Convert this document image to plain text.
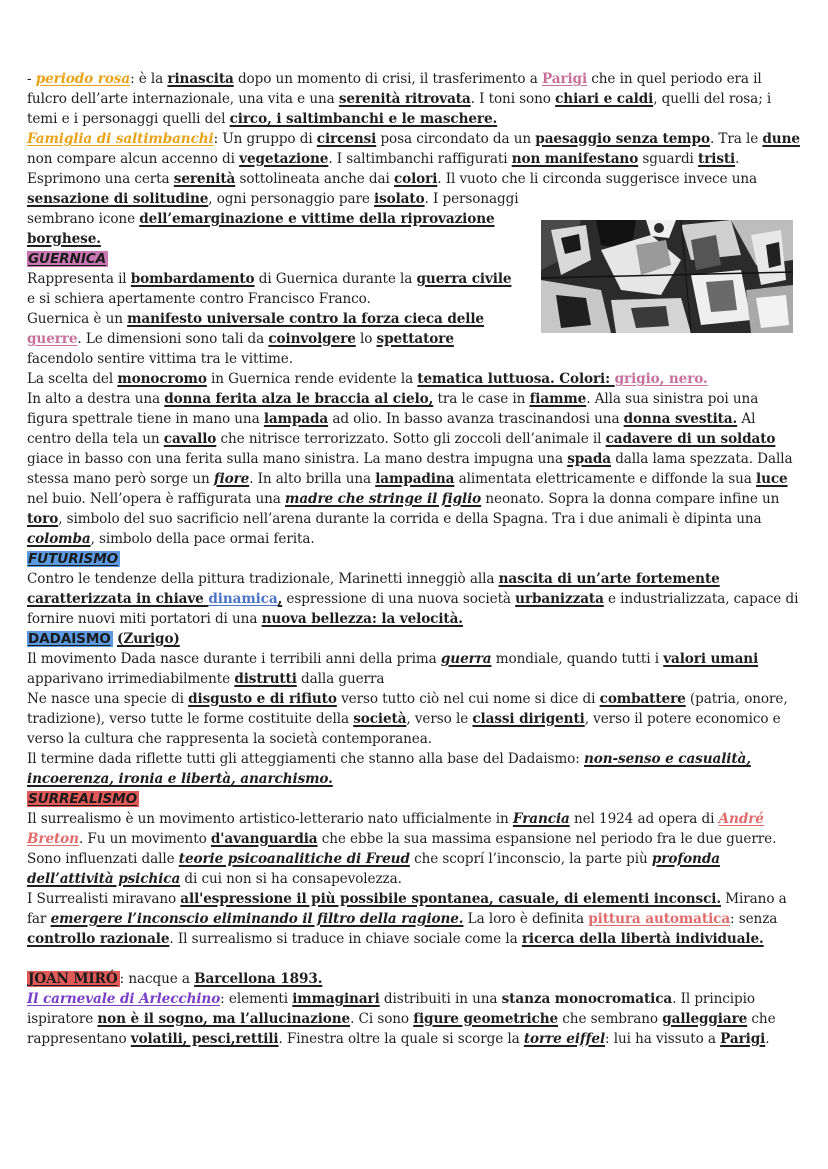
- periodo rosa: è la rinascita dopo un momento di crisi, il trasferimento a Parigi che in quel periodo era il fulcro dell’arte internazionale, una vita e una serenità ritrovata. I toni sono chiari e caldi, quelli del rosa; i temi e i personaggi quelli del circo, i saltimbanchi e le maschere.
Famiglia di saltimbanchi: Un gruppo di circensi posa circondato da un paesaggio senza tempo. Tra le dune non compare alcun accenno di vegetazione. I saltimbanchi raffigurati non manifestano sguardi tristi. Esprimono una certa serenità sottolineata anche dai colori. Il vuoto che li circonda suggerisce invece una sensazione di solitudine, ogni personaggio pare isolato. I personaggi
sembrano icone dell’emarginazione e vittime della riprovazione borghese.
GUERNICA
Rappresenta il bombardamento di Guernica durante la guerra civile e si schiera apertamente contro Francisco Franco.
Guernica è un manifesto universale contro la forza cieca delle guerre. Le dimensioni sono tali da coinvolgere lo spettatore facendolo sentire vittima tra le vittime.
La scelta del monocromo in Guernica rende evidente la tematica luttuosa. Colori: grigio, nero.
In alto a destra una donna ferita alza le braccia al cielo, tra le case in fiamme. Alla sua sinistra poi una figura spettrale tiene in mano una lampada ad olio. In basso avanza trascinandosi una donna svestita. Al centro della tela un cavallo che nitrisce terrorizzato. Sotto gli zoccoli dell’animale il cadavere di un soldato giace in basso con una ferita sulla mano sinistra. La mano destra impugna una spada dalla lama spezzata. Dalla stessa mano però sorge un fiore. In alto brilla una lampadina alimentata elettricamente e diffonde la sua luce nel buio. Nell’opera è raffigurata una madre che stringe il figlio neonato. Sopra la donna compare infine un toro, simbolo del suo sacrificio nell’arena durante la corrida e della Spagna. Tra i due animali è dipinta una colomba, simbolo della pace ormai ferita.
FUTURISMO
Contro le tendenze della pittura tradizionale, Marinetti inneggiò alla nascita di un’arte fortemente caratterizzata in chiave dinamica, espressione di una nuova società urbanizzata e industrializzata, capace di fornire nuovi miti portatori di una nuova bellezza: la velocità.
DADAISMO (Zurigo)
Il movimento Dada nasce durante i terribili anni della prima guerra mondiale, quando tutti i valori umani apparivano irrimediabilmente distrutti dalla guerra
Ne nasce una specie di disgusto e di rifiuto verso tutto ciò nel cui nome si dice di combattere (patria, onore, tradizione), verso tutte le forme costituite della società, verso le classi dirigenti, verso il potere economico e verso la cultura che rappresenta la società contemporanea.
Il termine dada riflette tutti gli atteggiamenti che stanno alla base del Dadaismo: non-senso e casualità, incoerenza, ironia e libertà, anarchismo.
SURREALISMO
Il surrealismo è un movimento artistico-letterario nato ufficialmente in Francia nel 1924 ad opera di André Breton. Fu un movimento d'avanguardia che ebbe la sua massima espansione nel periodo fra le due guerre.
Sono influenzati dalle teorie psicoanalitiche di Freud che scoprí l’inconscio, la parte più profonda dell’attività psichica di cui non si ha consapevolezza.
I Surrealisti miravano all'espressione il più possibile spontanea, casuale, di elementi inconsci. Mirano a far emergere l’inconscio eliminando il filtro della ragione. La loro è definita pittura automatica: senza controllo razionale. Il surrealismo si traduce in chiave sociale come la ricerca della libertà individuale.
JOAN MIRÓ : nacque a Barcellona 1893.
Il carnevale di Arlecchino: elementi immaginari distribuiti in una stanza monocromatica. Il principio ispiratore non è il sogno, ma l’allucinazione. Ci sono figure geometriche che sembrano galleggiare che rappresentano volatili, pesci,rettili. Finestra oltre la quale si scorge la torre eiffel: lui ha vissuto a Parigi.
